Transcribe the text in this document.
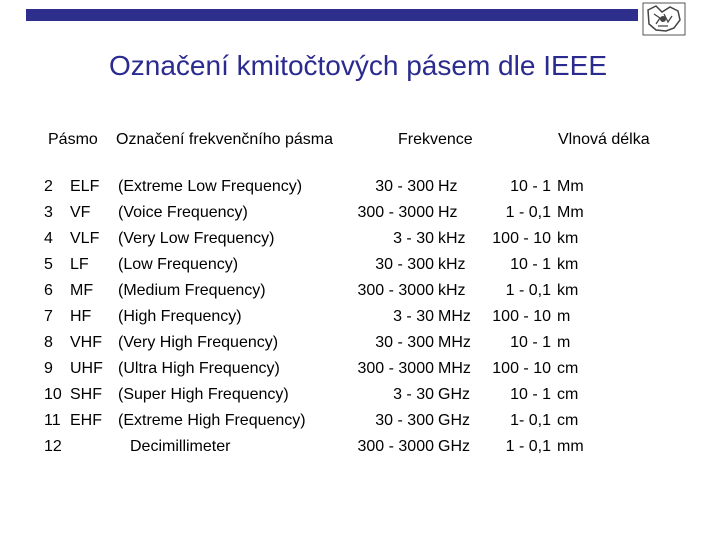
Označení kmitočtových pásem dle IEEE
Pásmo Označení frekvenčního pásma	Frekvence	Vlnová délka
2 ELF (Extreme Low Frequency)	30 - 300 Hz	10 - 1 Mm
3 VF (Voice Frequency)	300 - 3000 Hz	1 - 0,1 Mm
4 VLF (Very Low Frequency)	3 - 30 kHz 100 - 10 km
5 LF (Low Frequency)	30 - 300 kHz	10 - 1 km
6 MF (Medium Frequency)	300 - 3000 kHz	1 - 0,1 km
7 HF (High Frequency)	3 - 30 MHz 100 - 10 m
8 VHF (Very High Frequency)	30 - 300 MHz 10 - 1 m
9 UHF (Ultra High Frequency)	300 - 3000 MHz 100 - 10 cm
10 SHF (Super High Frequency)	3 - 30 GHz	10 - 1 cm
11 EHF (Extreme High Frequency)	30 - 300 GHz	1- 0,1 cm
12	Decimillimeter	300 - 3000 GHz 1 - 0,1 mm
